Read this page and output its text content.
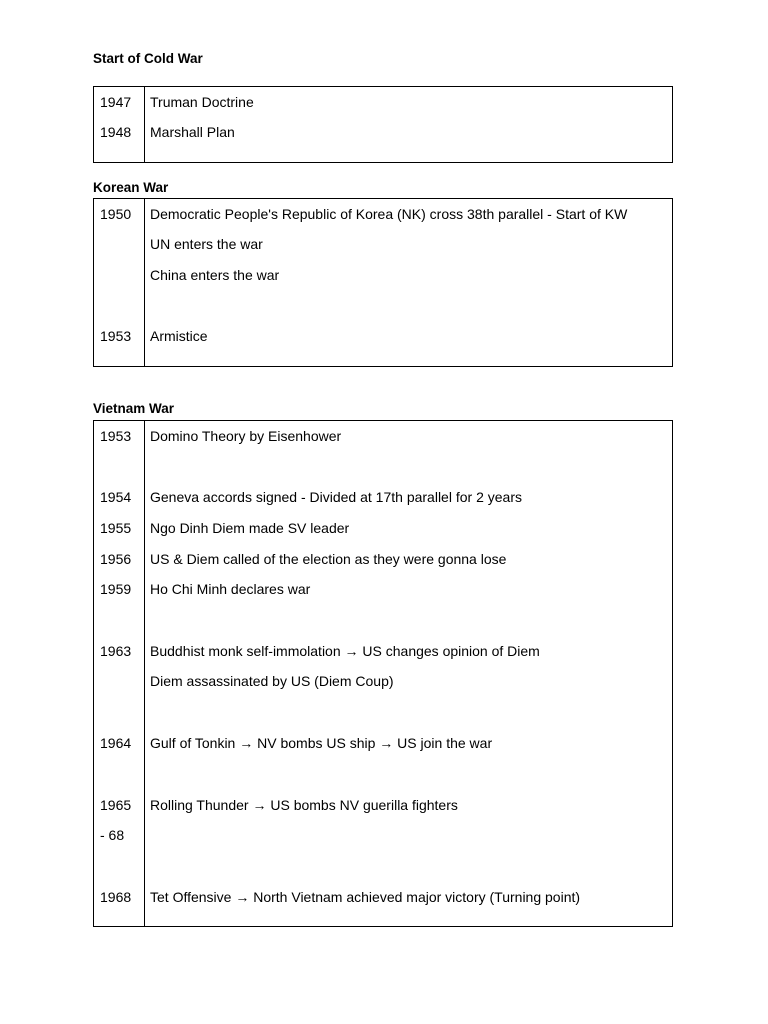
Start of Cold War
1947	Truman Doctrine
1948	Marshall Plan
Korean War
1950	Democratic People's Republic of Korea (NK) cross 38th parallel - Start of KW
UN enters the war
China enters the war
1953	Armistice
Vietnam War
1953	Domino Theory by Eisenhower
1954	Geneva accords signed - Divided at 17th parallel for 2 years
1955	Ngo Dinh Diem made SV leader
1956	US & Diem called of the election as they were gonna lose
1959	Ho Chi Minh declares war
1963	Buddhist monk self-immolation → US changes opinion of Diem
Diem assassinated by US (Diem Coup)
1964	Gulf of Tonkin → NV bombs US ship → US join the war
1965	Rolling Thunder → US bombs NV guerilla fighters
- 68
1968	Tet Offensive → North Vietnam achieved major victory (Turning point)
